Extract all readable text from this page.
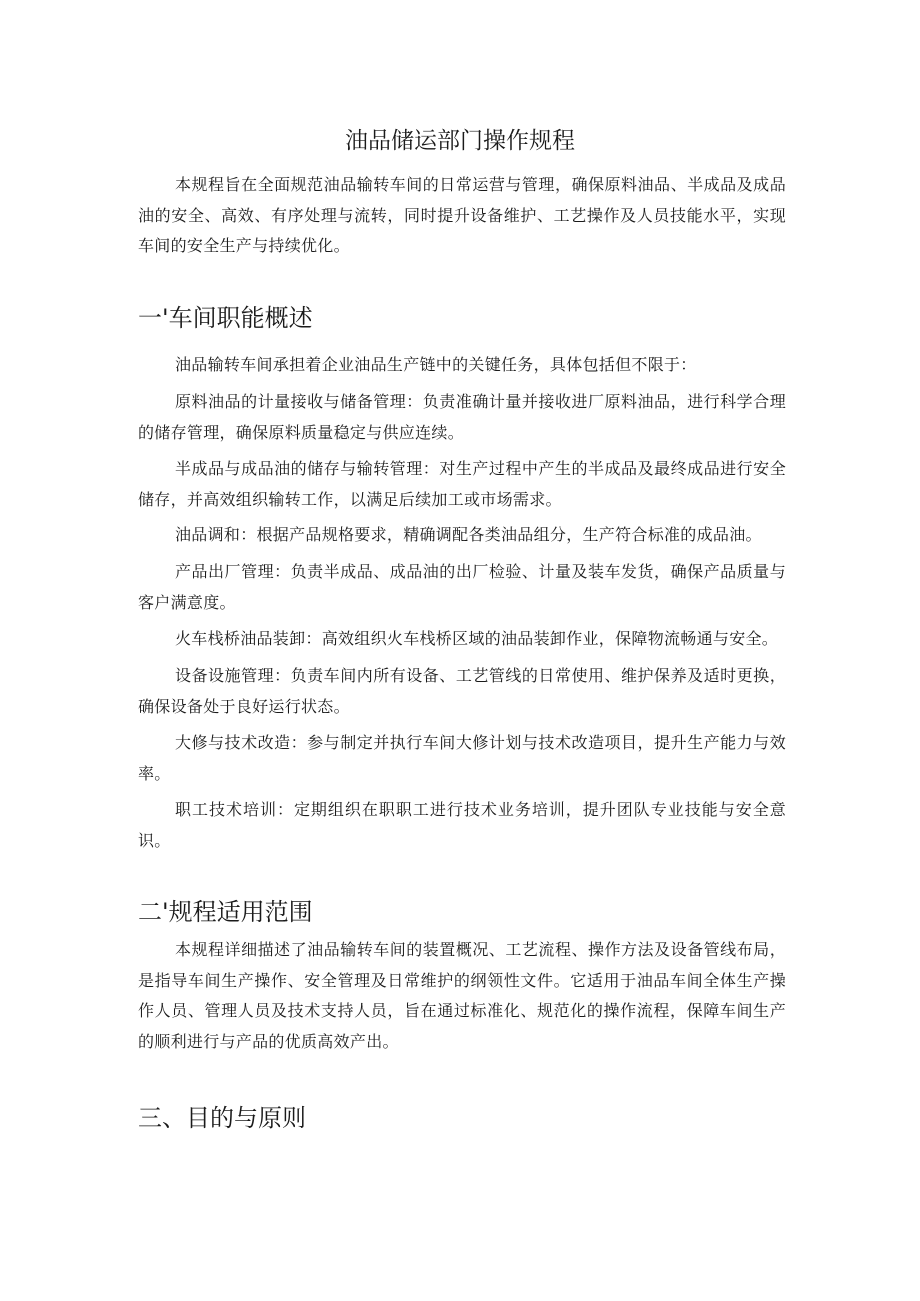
油品储运部门操作规程

本规程旨在全面规范油品输转车间的日常运营与管理，确保原料油品、半成品及成品油的安全、高效、有序处理与流转，同时提升设备维护、工艺操作及人员技能水平，实现车间的安全生产与持续优化。

一'车间职能概述

油品输转车间承担着企业油品生产链中的关键任务，具体包括但不限于：

原料油品的计量接收与储备管理：负责准确计量并接收进厂原料油品，进行科学合理的储存管理，确保原料质量稳定与供应连续。

半成品与成品油的储存与输转管理：对生产过程中产生的半成品及最终成品进行安全储存，并高效组织输转工作，以满足后续加工或市场需求。

油品调和：根据产品规格要求，精确调配各类油品组分，生产符合标准的成品油。

产品出厂管理：负责半成品、成品油的出厂检验、计量及装车发货，确保产品质量与客户满意度。

火车栈桥油品装卸：高效组织火车栈桥区域的油品装卸作业，保障物流畅通与安全。

设备设施管理：负责车间内所有设备、工艺管线的日常使用、维护保养及适时更换，确保设备处于良好运行状态。

大修与技术改造：参与制定并执行车间大修计划与技术改造项目，提升生产能力与效率。

职工技术培训：定期组织在职职工进行技术业务培训，提升团队专业技能与安全意识。

二'规程适用范围

本规程详细描述了油品输转车间的装置概况、工艺流程、操作方法及设备管线布局，是指导车间生产操作、安全管理及日常维护的纲领性文件。它适用于油品车间全体生产操作人员、管理人员及技术支持人员，旨在通过标准化、规范化的操作流程，保障车间生产的顺利进行与产品的优质高效产出。

三、目的与原则
